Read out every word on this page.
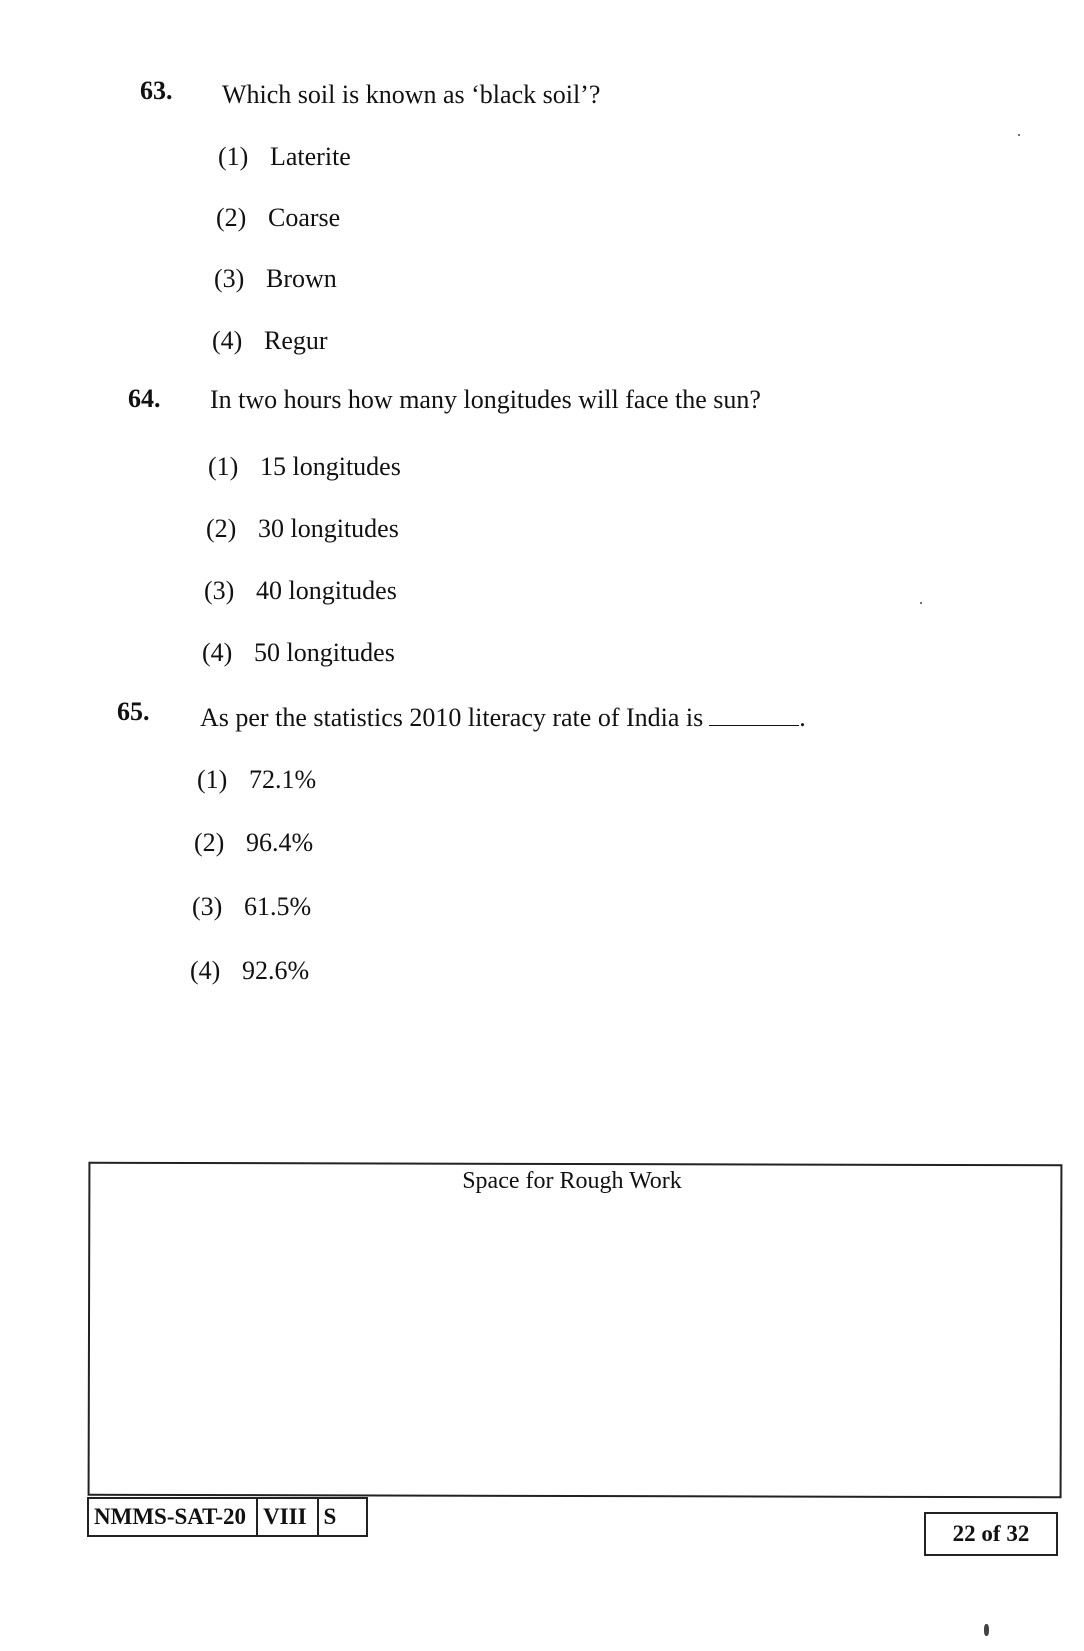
63. Which soil is known as ‘black soil’?
(1) Laterite
(2) Coarse
(3) Brown
(4) Regur
64. In two hours how many longitudes will face the sun?
(1) 15 longitudes
(2) 30 longitudes
(3) 40 longitudes
(4) 50 longitudes
65. As per the statistics 2010 literacy rate of India is	.
(1) 72.1%
(2) 96.4%
(3) 61.5%
(4) 92.6%
Space for Rough Work
NMMS-SAT-20 VIII S
22 of 32
